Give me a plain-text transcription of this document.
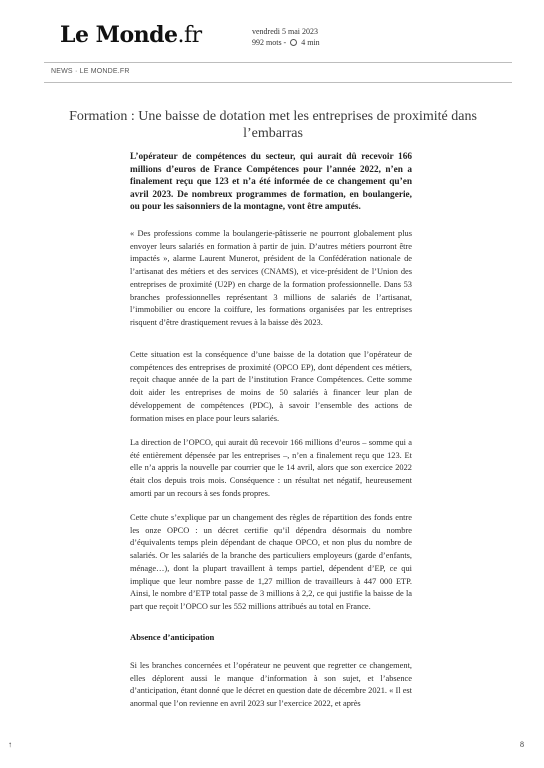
Le Monde.fr	vendredi 5 mai 2023
992 mots - 4 min
NEWS · LE MONDE.FR
Formation : Une baisse de dotation met les entreprises de proximité dans l’embarras
L’opérateur de compétences du secteur, qui aurait dû recevoir 166 millions d’euros de France Compétences pour l’année 2022, n’en a finalement reçu que 123 et n’a été informée de ce changement qu’en avril 2023. De nombreux programmes de formation, en boulangerie, ou pour les saisonniers de la montagne, vont être amputés.
« Des professions comme la boulangerie-pâtisserie ne pourront globalement plus envoyer leurs salariés en formation à partir de juin. D’autres métiers pourront être impactés », alarme Laurent Munerot, président de la Confédération nationale de l’artisanat des métiers et des services (CNAMS), et vice-président de l’Union des entreprises de proximité (U2P) en charge de la formation professionnelle. Dans 53 branches professionnelles représentant 3 millions de salariés de l’artisanat, l’immobilier ou encore la coiffure, les formations organisées par les entreprises risquent d’être drastiquement revues à la baisse dès 2023.
Cette situation est la conséquence d’une baisse de la dotation que l’opérateur de compétences des entreprises de proximité (OPCO EP), dont dépendent ces métiers, reçoit chaque année de la part de l’institution France Compétences. Cette somme doit aider les entreprises de moins de 50 salariés à financer leur plan de développement de compétences (PDC), à savoir l’ensemble des actions de formation mises en place pour leurs salariés.
La direction de l’OPCO, qui aurait dû recevoir 166 millions d’euros – somme qui a été entièrement dépensée par les entreprises –, n’en a finalement reçu que 123. Et elle n’a appris la nouvelle par courrier que le 14 avril, alors que son exercice 2022 était clos depuis trois mois. Conséquence : un résultat net négatif, heureusement amorti par un recours à ses fonds propres.
Cette chute s’explique par un changement des règles de répartition des fonds entre les onze OPCO : un décret certifie qu’il dépendra désormais du nombre d’équivalents temps plein dépendant de chaque OPCO, et non plus du nombre de salariés. Or les salariés de la branche des particuliers employeurs (garde d’enfants, ménage…), dont la plupart travaillent à temps partiel, dépendent d’EP, ce qui implique que leur nombre passe de 1,27 million de travailleurs à 447 000 ETP. Ainsi, le nombre d’ETP total passe de 3 millions à 2,2, ce qui justifie la baisse de la part que reçoit l’OPCO sur les 552 millions attribués au total en France.
Absence d’anticipation
Si les branches concernées et l’opérateur ne peuvent que regretter ce changement, elles déplorent aussi le manque d’information à son sujet, et l’absence d’anticipation, étant donné que le décret en question date de décembre 2021. « Il est anormal que l’on revienne en avril 2023 sur l’exercice 2022, et après
↑	8
